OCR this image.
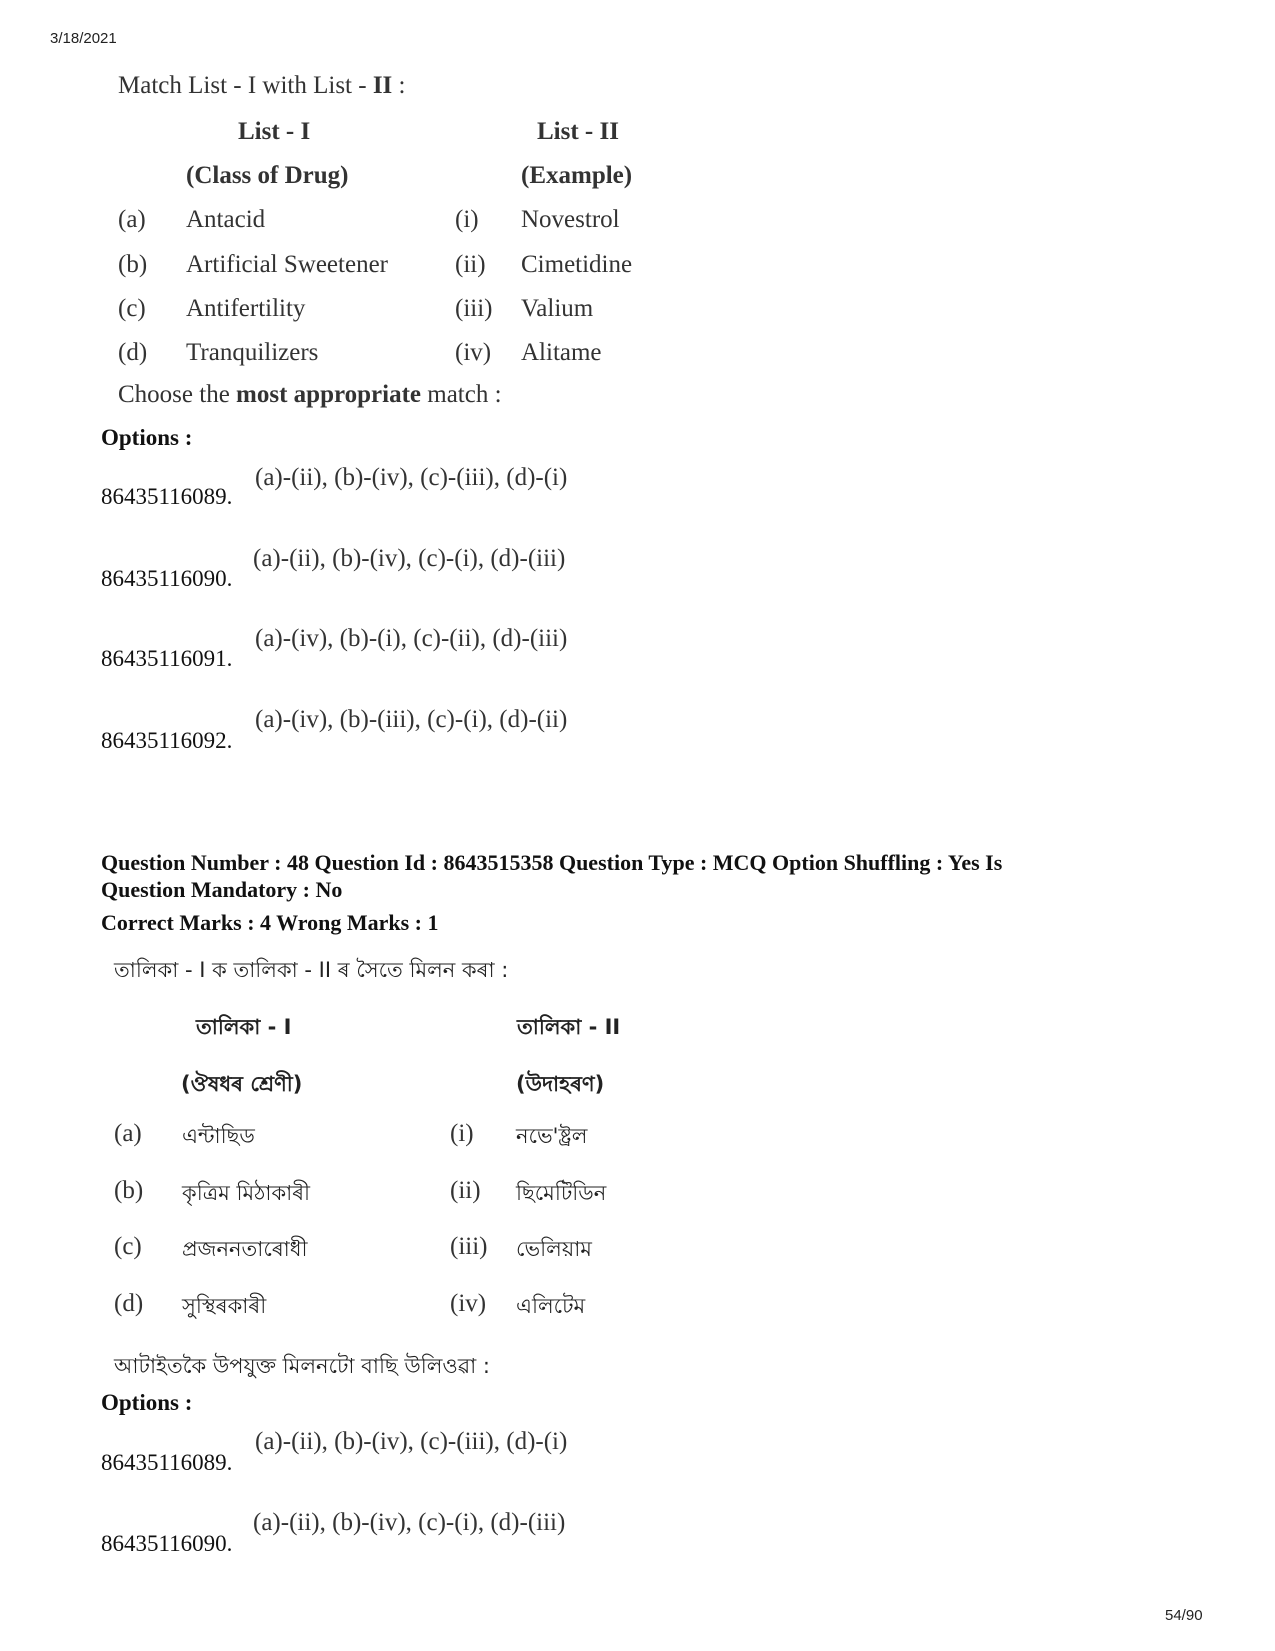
3/18/2021
Match List - I with List - II :
List - I	List - II
(Class of Drug)	(Example)
(a) Antacid	(i) Novestrol
(b) Artificial Sweetener	(ii) Cimetidine
(c) Antifertility	(iii) Valium
(d) Tranquilizers	(iv) Alitame
Choose the most appropriate match :
Options :
86435116089.
(a)-(ii), (b)-(iv), (c)-(iii), (d)-(i)
86435116090.
(a)-(ii), (b)-(iv), (c)-(i), (d)-(iii)
86435116091.
(a)-(iv), (b)-(i), (c)-(ii), (d)-(iii)
86435116092.
(a)-(iv), (b)-(iii), (c)-(i), (d)-(ii)
Question Number : 48 Question Id : 8643515358 Question Type : MCQ Option Shuffling : Yes Is
Question Mandatory : No
Correct Marks : 4 Wrong Marks : 1
তালিকা - I ক তালিকা - II ৰ সৈতে মিলন কৰা :
তালিকা - I	তালিকা - II
(ঔষধৰ শ্ৰেণী)	(উদাহৰণ)
(a) এন্টাছিড	(i) নভে'ষ্ট্ৰল
(b) কৃত্ৰিম মিঠাকাৰী	(ii) ছিমেটিডিন
(c) প্ৰজননতাৰোধী	(iii) ভেলিয়াম
(d) সুস্থিৰকাৰী	(iv) এলিটেম
আটাইতকৈ উপযুক্ত মিলনটো বাছি উলিওৱা :
Options :
86435116089.
(a)-(ii), (b)-(iv), (c)-(iii), (d)-(i)
86435116090.
(a)-(ii), (b)-(iv), (c)-(i), (d)-(iii)
54/90
